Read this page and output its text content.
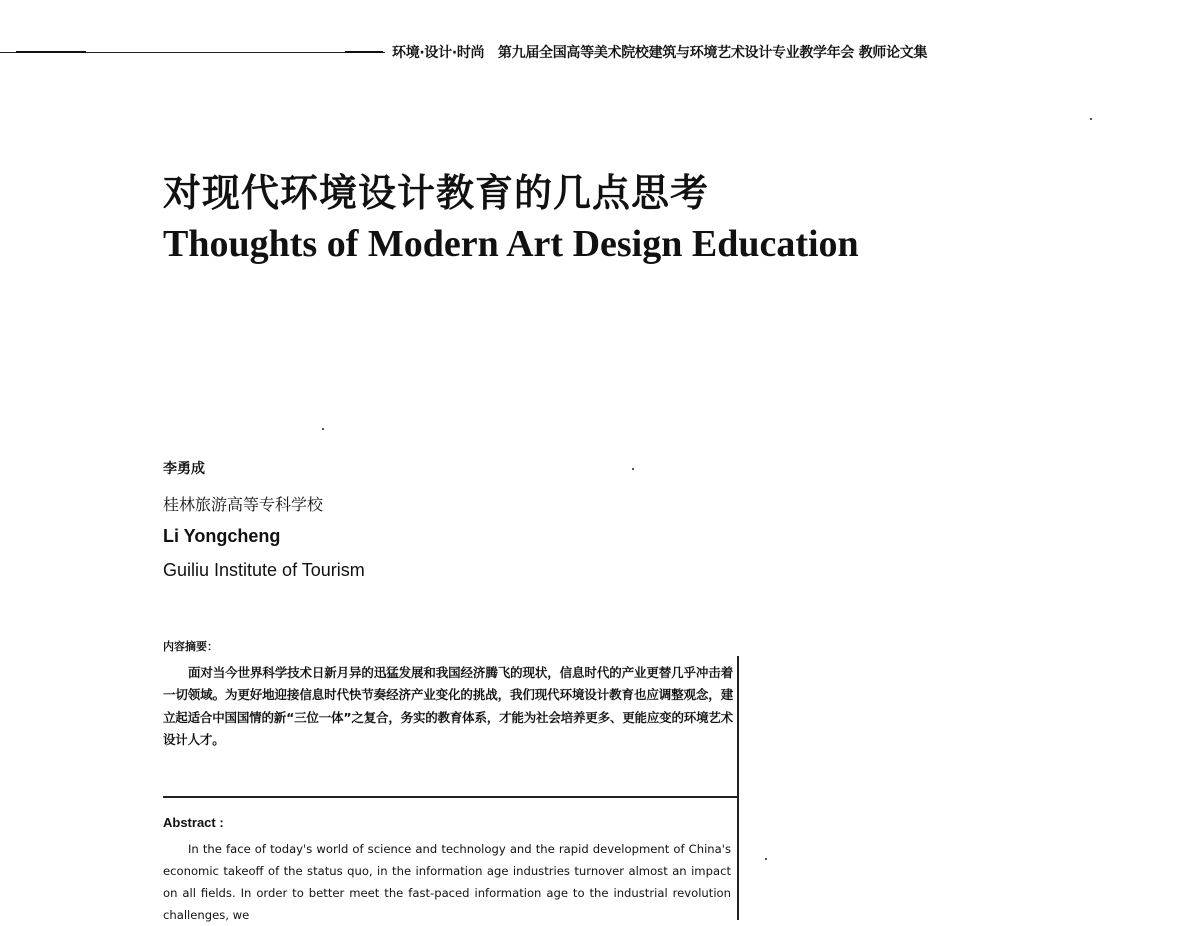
环境·设计·时尚　第九届全国高等美术院校建筑与环境艺术设计专业教学年会 教师论文集
对现代环境设计教育的几点思考
Thoughts of Modern Art Design Education
李勇成
桂林旅游高等专科学校
Li Yongcheng
Guiliu Institute of Tourism
内容摘要：
面对当今世界科学技术日新月异的迅猛发展和我国经济腾飞的现状，信息时代的产业更替几乎冲击着一切领域。为更好地迎接信息时代快节奏经济产业变化的挑战，我们现代环境设计教育也应调整观念，建立起适合中国国情的新“三位一体”之复合，务实的教育体系，才能为社会培养更多、更能应变的环境艺术设计人才。
Abstract :
In the face of today's world of science and technology and the rapid development of China's economic takeoff of the status quo, in the information age industries turnover almost an impact on all fields. In order to better meet the fast-paced information age to the industrial revolution challenges, we
